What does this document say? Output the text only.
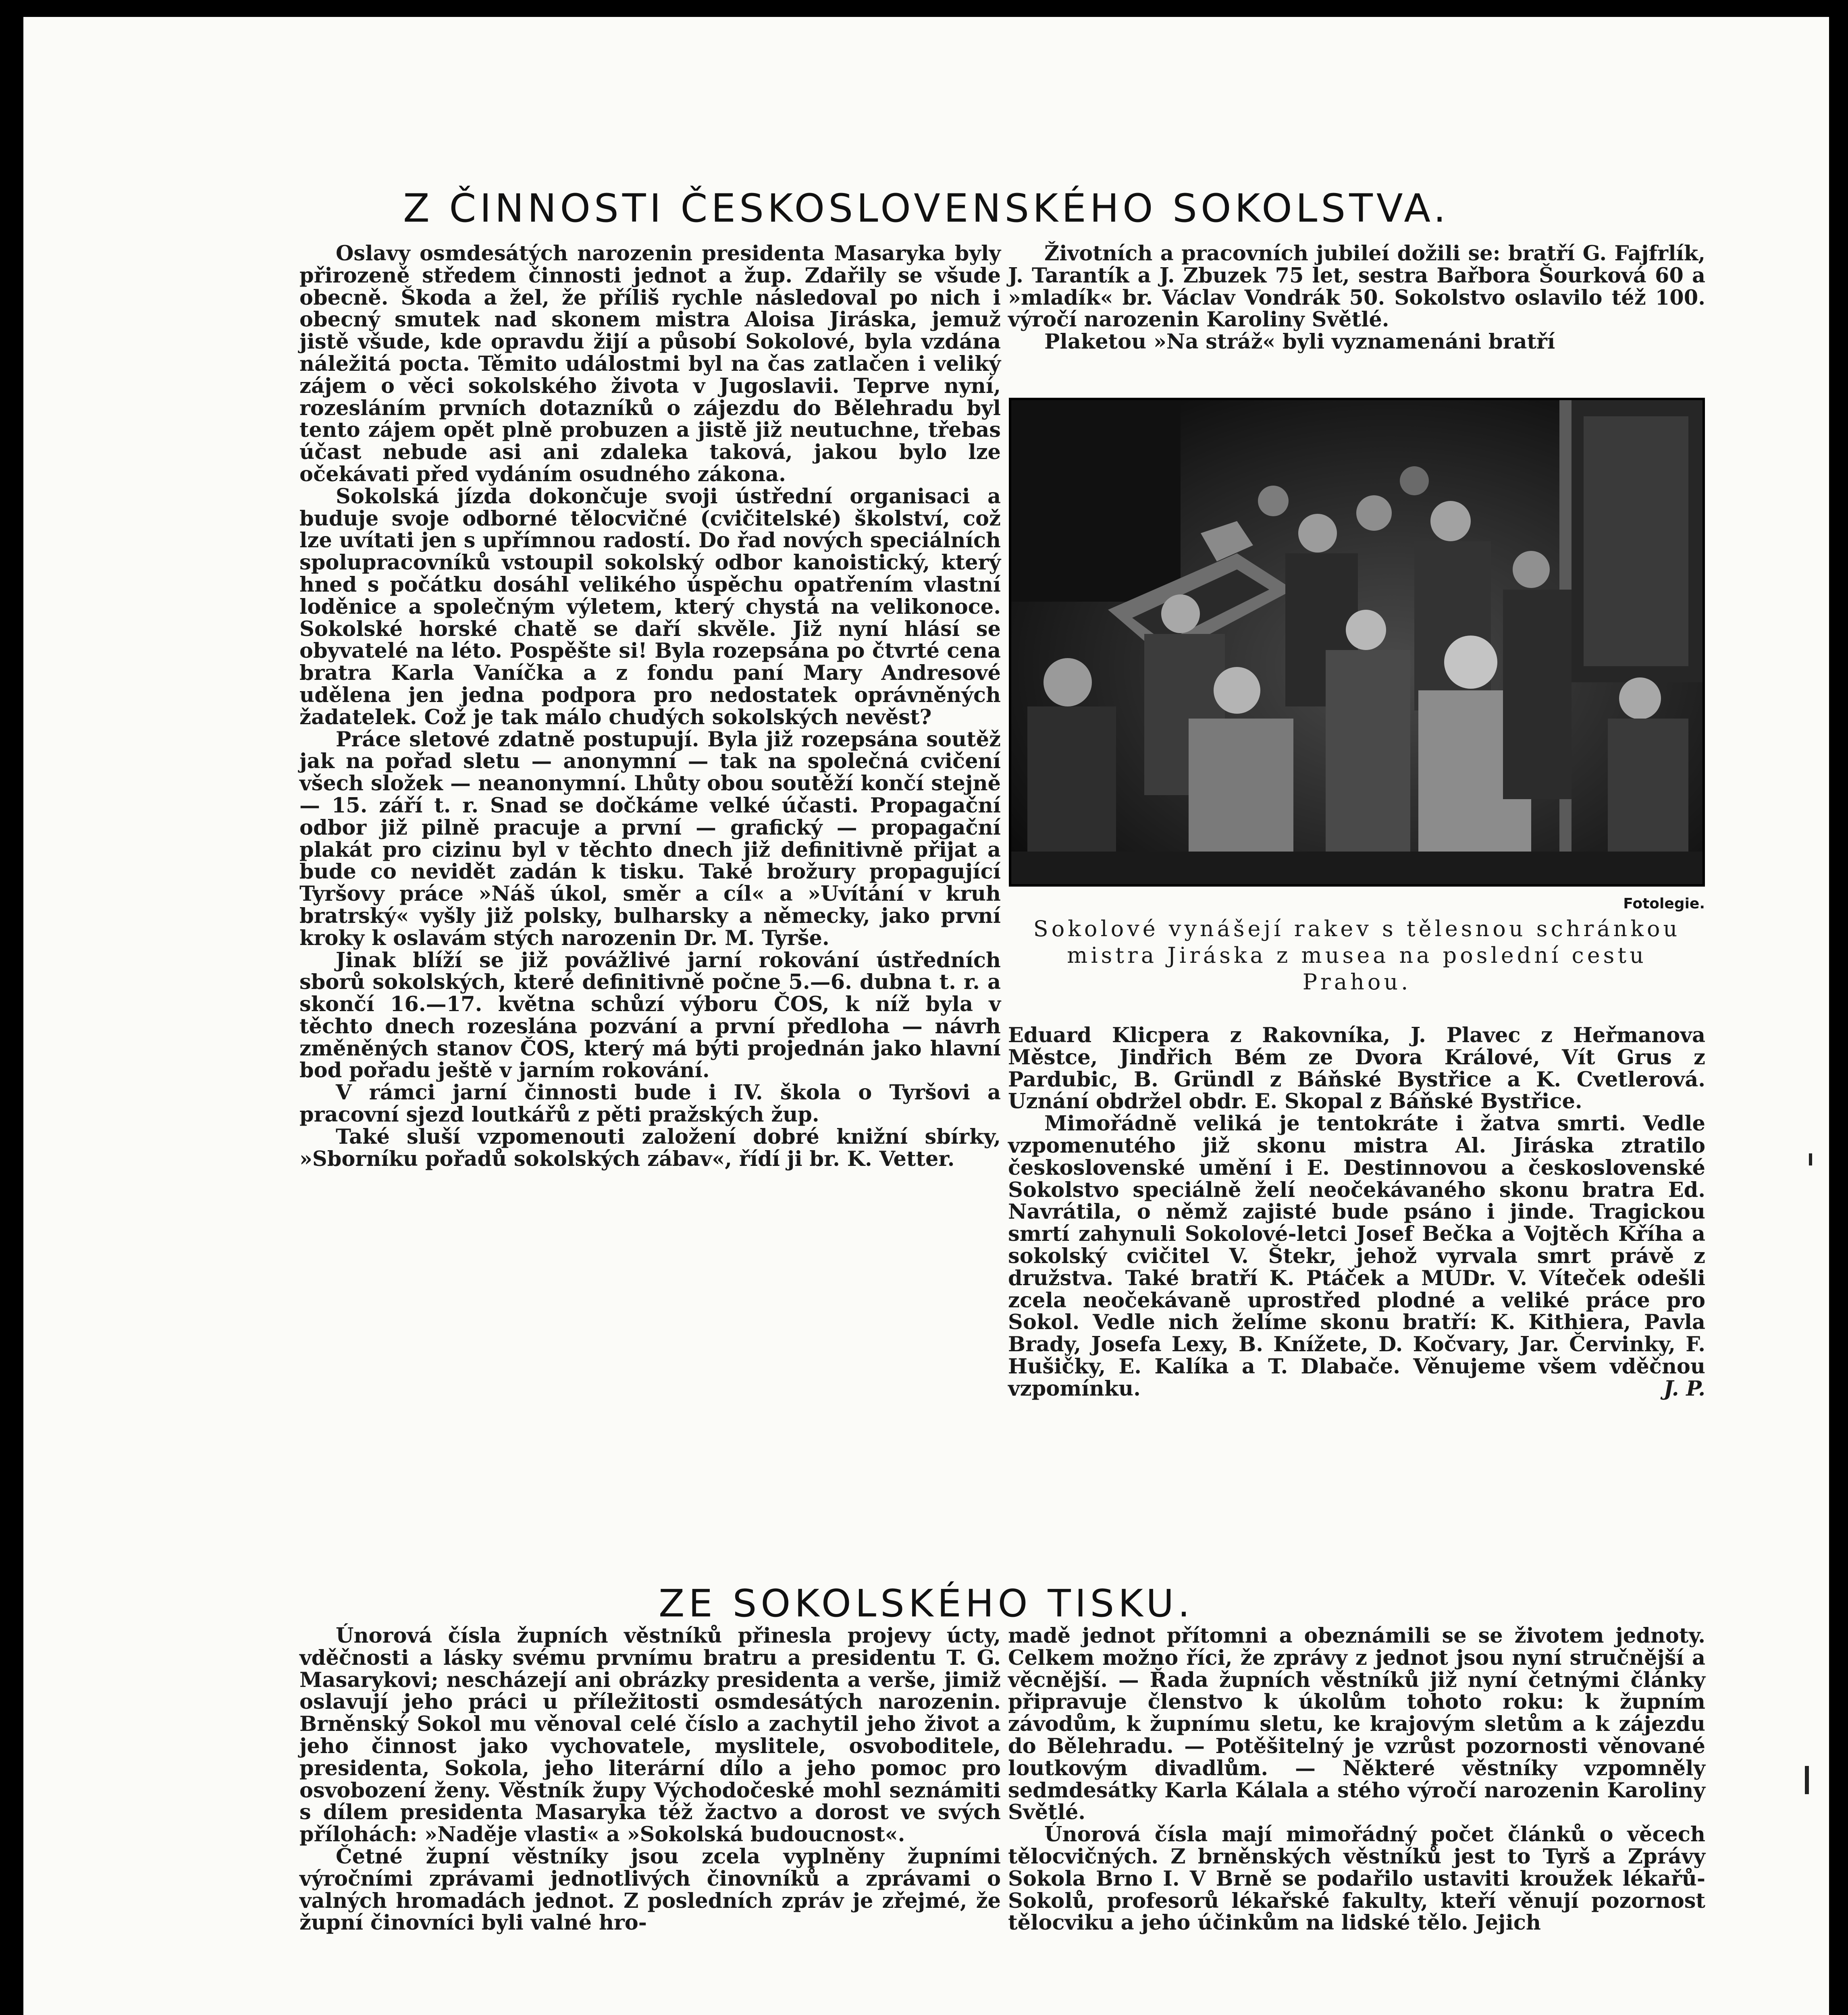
Z ČINNOSTI ČESKOSLOVENSKÉHO SOKOLSTVA.

Oslavy osmdesátých narozenin presidenta Masaryka byly přirozeně středem činnosti jednot a žup. Zdařily se všude obecně. Škoda a žel, že příliš rychle následoval po nich i obecný smutek nad skonem mistra Aloisa Jiráska, jemuž jistě všude, kde opravdu žijí a působí Sokolové, byla vzdána náležitá pocta. Těmito událostmi byl na čas zatlačen i veliký zájem o věci sokolského života v Jugoslavii. Teprve nyní, rozesláním prvních dotazníků o zájezdu do Bělehradu byl tento zájem opět plně probuzen a jistě již neutuchne, třebas účast nebude asi ani zdaleka taková, jakou bylo lze očekávati před vydáním osudného zákona.

Sokolská jízda dokončuje svoji ústřední organisaci a buduje svoje odborné tělocvičné (cvičitelské) školství, což lze uvítati jen s upřímnou radostí. Do řad nových speciálních spolupracovníků vstoupil sokolský odbor kanoistický, který hned s počátku dosáhl velikého úspěchu opatřením vlastní loděnice a společným výletem, který chystá na velikonoce. Sokolské horské chatě se daří skvěle. Již nyní hlásí se obyvatelé na léto. Pospěšte si! Byla rozepsána po čtvrté cena bratra Karla Vaníčka a z fondu paní Mary Andresové udělena jen jedna podpora pro nedostatek oprávněných žadatelek. Což je tak málo chudých sokolských nevěst?

Práce sletové zdatně postupují. Byla již rozepsána soutěž jak na pořad sletu — anonymní — tak na společná cvičení všech složek — neanonymní. Lhůty obou soutěží končí stejně — 15. září t. r. Snad se dočkáme velké účasti. Propagační odbor již pilně pracuje a první — grafický — propagační plakát pro cizinu byl v těchto dnech již definitivně přijat a bude co nevidět zadán k tisku. Také brožury propagující Tyršovy práce »Náš úkol, směr a cíl« a »Uvítání v kruh bratrský« vyšly již polsky, bulharsky a německy, jako první kroky k oslavám stých narozenin Dr. M. Tyrše.

Jinak blíží se již povážlivé jarní rokování ústředních sborů sokolských, které definitivně počne 5.—6. dubna t. r. a skončí 16.—17. května schůzí výboru ČOS, k níž byla v těchto dnech rozeslána pozvání a první předloha — návrh změněných stanov ČOS, který má býti projednán jako hlavní bod pořadu ještě v jarním rokování.

V rámci jarní činnosti bude i IV. škola o Tyršovi a pracovní sjezd loutkářů z pěti pražských žup.

Také sluší vzpomenouti založení dobré knižní sbírky, »Sborníku pořadů sokolských zábav«, řídí ji br. K. Vetter.

Životních a pracovních jubileí dožili se: bratří G. Fajfrlík, J. Tarantík a J. Zbuzek 75 let, sestra Bařbora Šourková 60 a »mladík« br. Václav Vondrák 50. Sokolstvo oslavilo též 100. výročí narozenin Karoliny Světlé.

Plaketou »Na stráž« byli vyznamenáni bratří

Fotolegie.
Sokolové vynášejí rakev s tělesnou schránkou mistra Jiráska z musea na poslední cestu Prahou.

Eduard Klicpera z Rakovníka, J. Plavec z Heřmanova Městce, Jindřich Bém ze Dvora Králové, Vít Grus z Pardubic, B. Gründl z Báňské Bystřice a K. Cvetlerová. Uznání obdržel obdr. E. Skopal z Báňské Bystřice.

Mimořádně veliká je tentokráte i žatva smrti. Vedle vzpomenutého již skonu mistra Al. Jiráska ztratilo československé umění i E. Destinnovou a československé Sokolstvo speciálně želí neočekávaného skonu bratra Ed. Navrátila, o němž zajisté bude psáno i jinde. Tragickou smrtí zahynuli Sokolové-letci Josef Bečka a Vojtěch Kříha a sokolský cvičitel V. Štekr, jehož vyrvala smrt právě z družstva. Také bratří K. Ptáček a MUDr. V. Víteček odešli zcela neočekávaně uprostřed plodné a veliké práce pro Sokol. Vedle nich želíme skonu bratří: K. Kithiera, Pavla Brady, Josefa Lexy, B. Knížete, D. Kočvary, Jar. Červinky, F. Hušičky, E. Kalíka a T. Dlabače. Věnujeme všem vděčnou vzpomínku.	J. P.

ZE SOKOLSKÉHO TISKU.

Únorová čísla župních věstníků přinesla projevy úcty, vděčnosti a lásky svému prvnímu bratru a presidentu T. G. Masarykovi; nescházejí ani obrázky presidenta a verše, jimiž oslavují jeho práci u příležitosti osmdesátých narozenin. Brněnský Sokol mu věnoval celé číslo a zachytil jeho život a jeho činnost jako vychovatele, myslitele, osvoboditele, presidenta, Sokola, jeho literární dílo a jeho pomoc pro osvobození ženy. Věstník župy Východočeské mohl seznámiti s dílem presidenta Masaryka též žactvo a dorost ve svých přílohách: »Naděje vlasti« a »Sokolská budoucnost«.

Četné župní věstníky jsou zcela vyplněny župními výročními zprávami jednotlivých činovníků a zprávami o valných hromadách jednot. Z posledních zpráv je zřejmé, že župní činovníci byli valné hro-

madě jednot přítomni a obeznámili se se životem jednoty. Celkem možno říci, že zprávy z jednot jsou nyní stručnější a věcnější. — Řada župních věstníků již nyní četnými články připravuje členstvo k úkolům tohoto roku: k župním závodům, k župnímu sletu, ke krajovým sletům a k zájezdu do Bělehradu. — Potěšitelný je vzrůst pozornosti věnované loutkovým divadlům. — Některé věstníky vzpomněly sedmdesátky Karla Kálala a stého výročí narozenin Karoliny Světlé.

Únorová čísla mají mimořádný počet článků o věcech tělocvičných. Z brněnských věstníků jest to Tyrš a Zprávy Sokola Brno I. V Brně se podařilo ustaviti kroužek lékařů-Sokolů, profesorů lékařské fakulty, kteří věnují pozornost tělocviku a jeho účinkům na lidské tělo. Jejich
